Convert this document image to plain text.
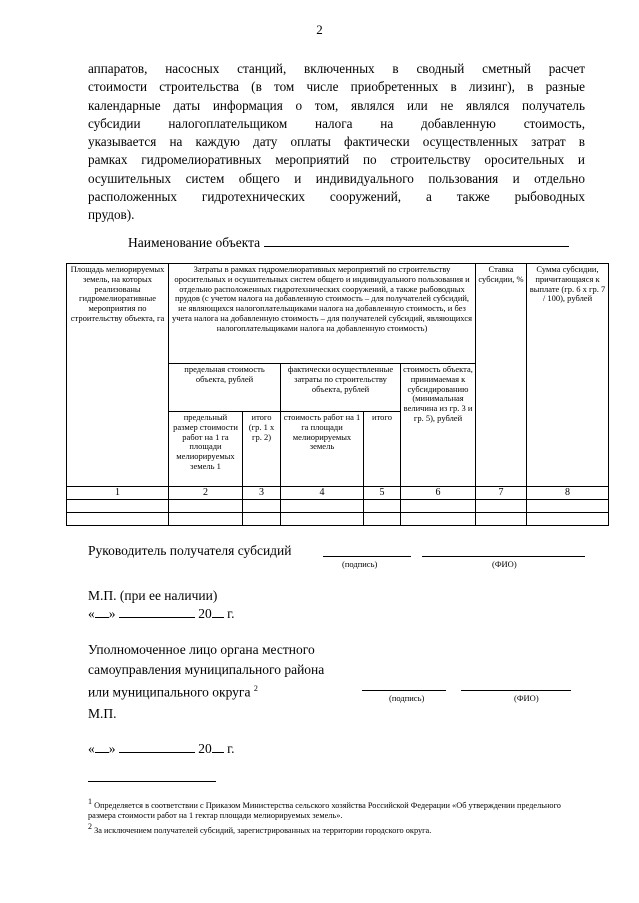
2
аппаратов, насосных станций, включенных в сводный сметный расчет
стоимости строительства (в том числе приобретенных в лизинг), в разные
календарные даты информация о том, являлся или не являлся получатель
субсидии налогоплательщиком налога на добавленную стоимость,
указывается на каждую дату оплаты фактически осуществленных затрат в
рамках гидромелиоративных мероприятий по строительству оросительных и
осушительных систем общего и индивидуального пользования и отдельно
расположенных гидротехнических сооружений, а также рыбоводных
прудов).
Наименование объекта
Площадь мелиорируемых земель, на которых реализованы гидромелиоративные мероприятия по строительству объекта, га	Затраты в рамках гидромелиоративных мероприятий по строительству оросительных и осушительных систем общего и индивидуального пользования и отдельно расположенных гидротехнических сооружений, а также рыбоводных прудов (с учетом налога на добавленную стоимость – для получателей субсидий, не являющихся налогоплательщиками налога на добавленную стоимость, и без учета налога на добавленную стоимость – для получателей субсидий, являющихся налогоплательщиками налога на добавленную стоимость)					Ставка субсидии, %	Сумма субсидии, причитающаяся к выплате (гр. 6 x гр. 7 / 100), рублей
	предельная стоимость объекта, рублей		фактически осуществленные затраты по строительству объекта, рублей		стоимость объекта, принимаемая к субсидированию (минимальная величина из гр. 3 и гр. 5), рублей		
	предельный размер стоимости работ на 1 га площади мелиорируемых земель 1	итого (гр. 1 x гр. 2)	стоимость работ на 1 га площади мелиорируемых земель	итого			
1	2	3	4	5	6	7	8

Руководитель получателя субсидий
(подпись)	(ФИО)
М.П. (при ее наличии)
« »	20 г.
Уполномоченное лицо органа местного
самоуправления муниципального района
или муниципального округа $^2$
(подпись)	(ФИО)
М.П.
« »	20 г.
$^1$ Определяется в соответствии с Приказом Министерства сельского хозяйства Российской Федерации «Об утверждении предельного размера стоимости работ на 1 гектар площади мелиорируемых земель».
$^2$ За исключением получателей субсидий, зарегистрированных на территории городского округа.
